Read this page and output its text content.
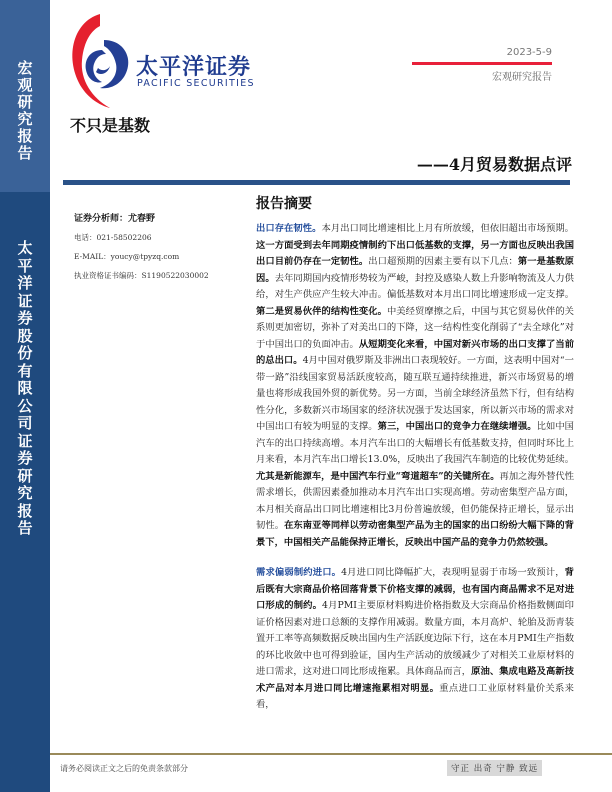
宏
观
研
究
报
告
太
平
洋
证
券
股
份
有
限
公
司
证
券
研
究
报
告
太平洋证券
PACIFIC SECURITIES
2023-5-9
宏观研究报告
不只是基数
——4月贸易数据点评
证券分析师：尤春野
电话：021-58502206
E-MAIL：youcy@tpyzq.com
执业资格证书编码：S1190522030002
报告摘要

出口存在韧性。本月出口同比增速相比上月有所放缓，但依旧超出市场预期。这一方面受到去年同期疫情制约下出口低基数的支撑，另一方面也反映出我国出口目前仍存在一定韧性。出口超预期的因素主要有以下几点：第一是基数原因。去年同期国内疫情形势较为严峻，封控及感染人数上升影响物流及人力供给，对生产供应产生较大冲击。偏低基数对本月出口同比增速形成一定支撑。第二是贸易伙伴的结构性变化。中美经贸摩擦之后，中国与其它贸易伙伴的关系则更加密切，弥补了对美出口的下降，这一结构性变化削弱了“去全球化”对于中国出口的负面冲击。从短期变化来看，中国对新兴市场的出口支撑了当前的总出口。4月中国对俄罗斯及非洲出口表现较好。一方面，这表明中国对“一带一路”沿线国家贸易活跃度较高，随互联互通持续推进，新兴市场贸易的增量也将形成我国外贸的新优势。另一方面，当前全球经济虽然下行，但有结构性分化，多数新兴市场国家的经济状况强于发达国家，所以新兴市场的需求对中国出口有较为明显的支撑。第三，中国出口的竞争力在继续增强。比如中国汽车的出口持续高增。本月汽车出口的大幅增长有低基数支持，但同时环比上月来看，本月汽车出口增长13.0%，反映出了我国汽车制造的比较优势延续。尤其是新能源车，是中国汽车行业“弯道超车”的关键所在。再加之海外替代性需求增长，供需因素叠加推动本月汽车出口实现高增。劳动密集型产品方面，本月相关商品出口同比增速相比3月份普遍放缓，但仍能保持正增长，显示出韧性。在东南亚等同样以劳动密集型产品为主的国家的出口纷纷大幅下降的背景下，中国相关产品能保持正增长，反映出中国产品的竞争力仍然较强。

需求偏弱制约进口。4月进口同比降幅扩大，表现明显弱于市场一致预计，背后既有大宗商品价格回落背景下价格支撑的减弱，也有国内商品需求不足对进口形成的制约。4月PMI主要原材料购进价格指数及大宗商品价格指数侧面印证价格因素对进口总额的支撑作用减弱。数量方面，本月高炉、轮胎及沥青装置开工率等高频数据反映出国内生产活跃度边际下行，这在本月PMI生产指数的环比收敛中也可得到验证，国内生产活动的放缓减少了对相关工业原材料的进口需求，这对进口同比形成拖累。具体商品而言，原油、集成电路及高新技术产品对本月进口同比增速拖累相对明显。重点进口工业原材料量价关系来看，

请务必阅读正文之后的免责条款部分	守正 出奇 宁静 致远
